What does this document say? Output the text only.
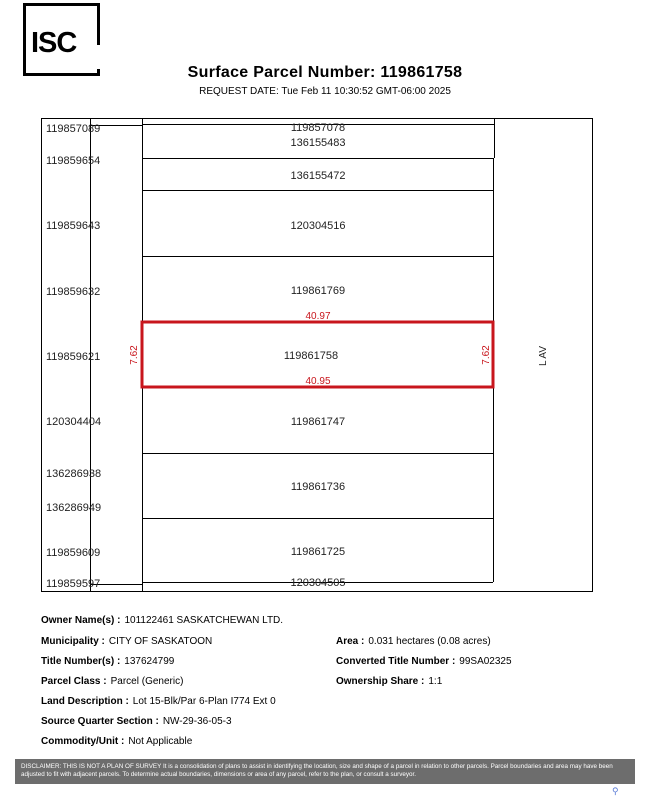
ISC
Surface Parcel Number: 119861758
REQUEST DATE: Tue Feb 11 10:30:52 GMT-06:00 2025
119857089
119859654
119859643
119859632
119859621
120304404
136286938
136286949
119859609
119859597
119857078
136155483
136155472
120304516
119861769
119861758
119861747
119861736
119861725
120304505
40.97
40.95
7.62	7.62	L AV
Owner Name(s) : 101122461 SASKATCHEWAN LTD.
Municipality : CITY OF SASKATOON	Area : 0.031 hectares (0.08 acres)
Title Number(s) : 137624799	Converted Title Number : 99SA02325
Parcel Class : Parcel (Generic)	Ownership Share : 1:1
Land Description : Lot 15-Blk/Par 6-Plan I774 Ext 0
Source Quarter Section : NW-29-36-05-3
Commodity/Unit : Not Applicable
DISCLAIMER: THIS IS NOT A PLAN OF SURVEY It is a consolidation of plans to assist in identifying the location, size and shape of a parcel in relation to other parcels. Parcel boundaries and area may have been adjusted to fit with adjacent parcels. To determine actual boundaries, dimensions or area of any parcel, refer to the plan, or consult a surveyor.
⚲
